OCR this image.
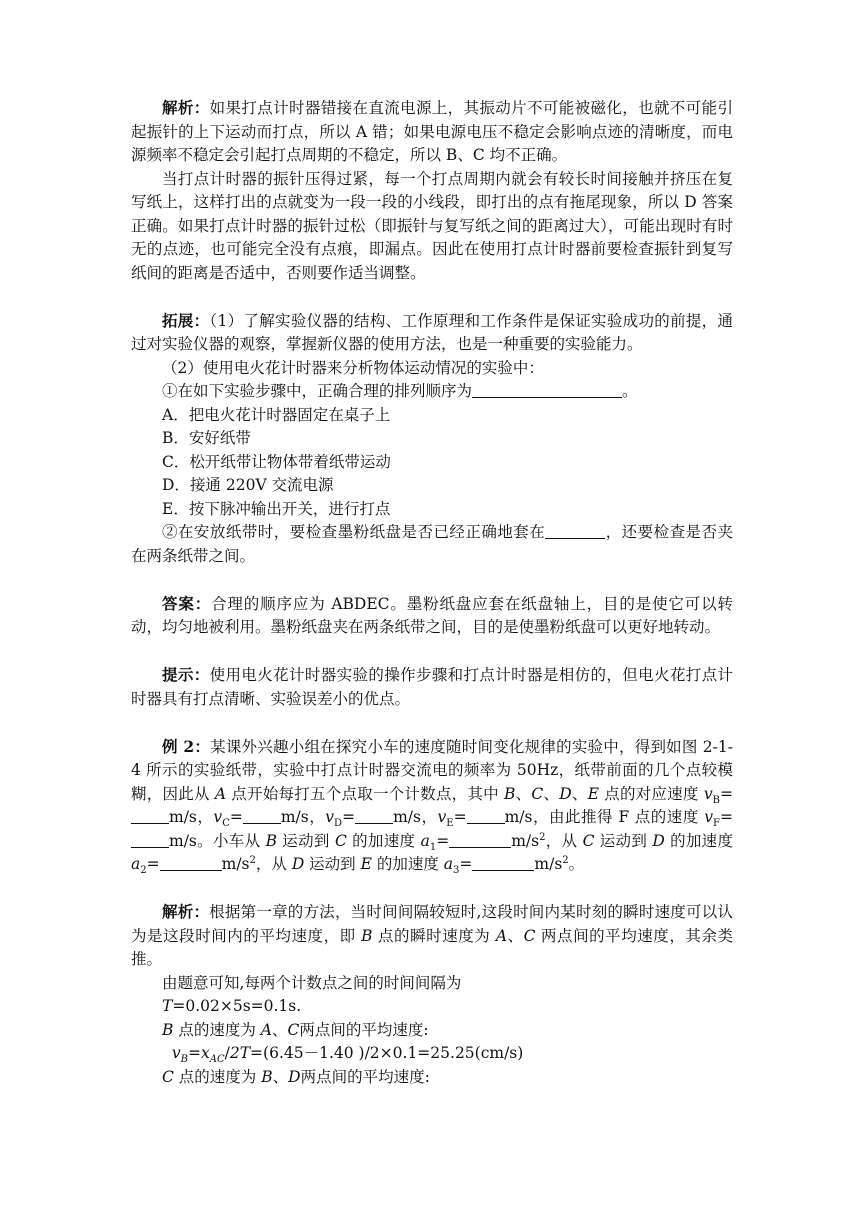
解析：如果打点计时器错接在直流电源上，其振动片不可能被磁化，也就不可能引起振针的上下运动而打点，所以 A 错；如果电源电压不稳定会影响点迹的清晰度，而电源频率不稳定会引起打点周期的不稳定，所以 B、C 均不正确。

当打点计时器的振针压得过紧，每一个打点周期内就会有较长时间接触并挤压在复写纸上，这样打出的点就变为一段一段的小线段，即打出的点有拖尾现象，所以 D 答案正确。如果打点计时器的振针过松（即振针与复写纸之间的距离过大），可能出现时有时无的点迹，也可能完全没有点痕，即漏点。因此在使用打点计时器前要检查振针到复写纸间的距离是否适中，否则要作适当调整。

拓展：（1）了解实验仪器的结构、工作原理和工作条件是保证实验成功的前提，通过对实验仪器的观察，掌握新仪器的使用方法，也是一种重要的实验能力。

（2）使用电火花计时器来分析物体运动情况的实验中：

①在如下实验步骤中，正确合理的排列顺序为	。

A．把电火花计时器固定在桌子上

B．安好纸带

C．松开纸带让物体带着纸带运动

D．接通 220V 交流电源

E．按下脉冲输出开关，进行打点

②在安放纸带时，要检查墨粉纸盘是否已经正确地套在	，还要检查是否夹在两条纸带之间。

答案：合理的顺序应为 ABDEC。墨粉纸盘应套在纸盘轴上，目的是使它可以转动，均匀地被利用。墨粉纸盘夹在两条纸带之间，目的是使墨粉纸盘可以更好地转动。

提示：使用电火花计时器实验的操作步骤和打点计时器是相仿的，但电火花打点计时器具有打点清晰、实验误差小的优点。

例 2：某课外兴趣小组在探究小车的速度随时间变化规律的实验中，得到如图 2-1-4 所示的实验纸带，实验中打点计时器交流电的频率为 50Hz，纸带前面的几个点较模糊，因此从 A 点开始每打五个点取一个计数点，其中 B、C、D、E 点的对应速度 $v_B=m/s$，$v_C= m/s$，$v_D= m/s$，$v_E= m/s$，由此推得 F 点的速度 $v_F=m/s$。小车从 B 运动到 C 的加速度 $a_1=$	$m/s^2$，从 C 运动到 D 的加速度 $a_2=$	$m/s^2$，从 D 运动到 E 的加速度 $a_3=$	$m/s^2$。

解析：根据第一章的方法，当时间间隔较短时,这段时间内某时刻的瞬时速度可以认为是这段时间内的平均速度，即 B 点的瞬时速度为 A、C 两点间的平均速度，其余类推。

由题意可知,每两个计数点之间的时间间隔为

T=0.02×5s=0.1s.

B 点的速度为 A、C两点间的平均速度:

$v_B=x_{AC}/2T=(6.45-1.40$ )/2×0.1=25.25(cm/s)

C 点的速度为 B、D两点间的平均速度:
